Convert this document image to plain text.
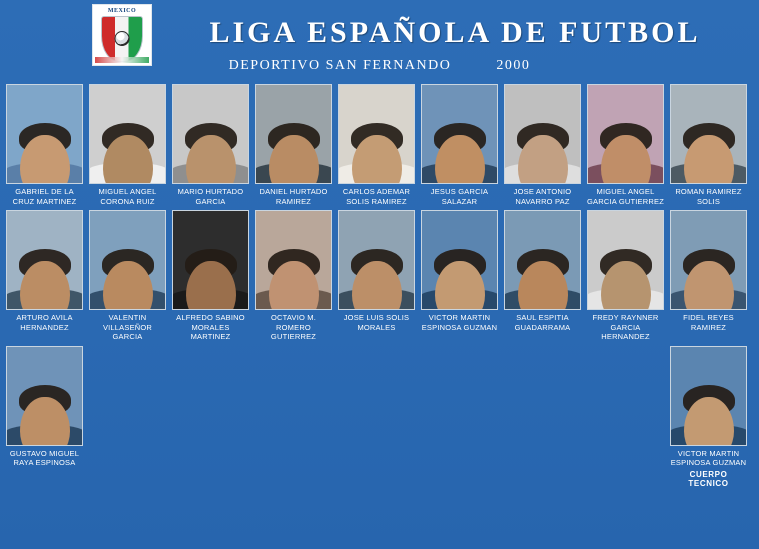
MEXICO
LIGA ESPAÑOLA DE FUTBOL
DEPORTIVO SAN FERNANDO	2000
GABRIEL DE LA CRUZ MARTINEZ
MIGUEL ANGEL CORONA RUIZ
MARIO HURTADO GARCIA
DANIEL HURTADO RAMIREZ
CARLOS ADEMAR SOLIS RAMIREZ
JESUS GARCIA SALAZAR
JOSE ANTONIO NAVARRO PAZ
MIGUEL ANGEL GARCIA GUTIERREZ
ROMAN RAMIREZ SOLIS
ARTURO AVILA HERNANDEZ
VALENTIN VILLASEÑOR GARCIA
ALFREDO SABINO MORALES MARTINEZ
OCTAVIO M. ROMERO GUTIERREZ
JOSE LUIS SOLIS MORALES
VICTOR MARTIN ESPINOSA GUZMAN
SAUL ESPITIA GUADARRAMA
FREDY RAYNNER GARCIA HERNANDEZ
FIDEL REYES RAMIREZ
GUSTAVO MIGUEL RAYA ESPINOSA
VICTOR MARTIN ESPINOSA GUZMAN
CUERPO TECNICO
